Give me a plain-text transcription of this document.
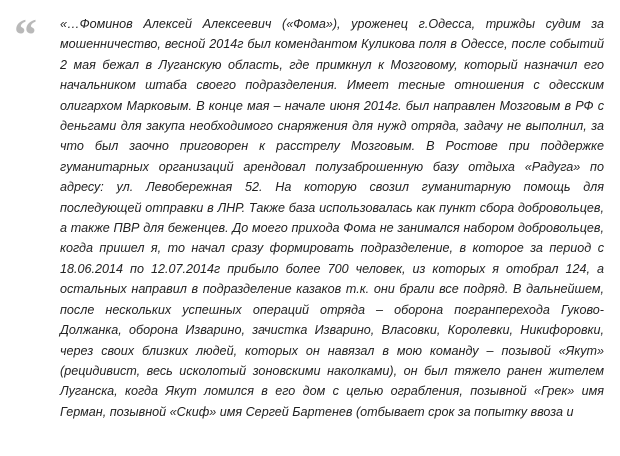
“	«…Фоминов Алексей Алексеевич («Фома»), уроженец г.Одесса, трижды судим за мошенничество, весной 2014г был комендантом Куликова поля в Одессе, после событий 2 мая бежал в Луганскую область, где примкнул к Мозговому, который назначил его начальником штаба своего подразделения. Имеет тесные отношения с одесским олигархом Марковым. В конце мая – начале июня 2014г. был направлен Мозговым в РФ с деньгами для закупа необходимого снаряжения для нужд отряда, задачу не выполнил, за что был заочно приговорен к расстрелу Мозговым. В Ростове при поддержке гуманитарных организаций арендовал полузаброшенную базу отдыха «Радуга» по адресу: ул. Левобережная 52. На которую свозил гуманитарную помощь для последующей отправки в ЛНР. Также база использовалась как пункт сбора добровольцев, а также ПВР для беженцев. До моего прихода Фома не занимался набором добровольцев, когда пришел я, то начал сразу формировать подразделение, в которое за период с 18.06.2014 по 12.07.2014г прибыло более 700 человек, из которых я отобрал 124, а остальных направил в подразделение казаков т.к. они брали все подряд. В дальнейшем, после нескольких успешных операций отряда – оборона погранперехода Гуково-Должанка, оборона Изварино, зачистка Изварино, Власовки, Королевки, Никифоровки, через своих близких людей, которых он навязал в мою команду – позывой «Якут» (рецидивист, весь исколотый зоновскими наколками), он был тяжело ранен жителем Луганска, когда Якут ломился в его дом с целью ограбления, позывной «Грек» имя Герман, позывной «Скиф» имя Сергей Бартенев (отбывает срок за попытку ввоза и
